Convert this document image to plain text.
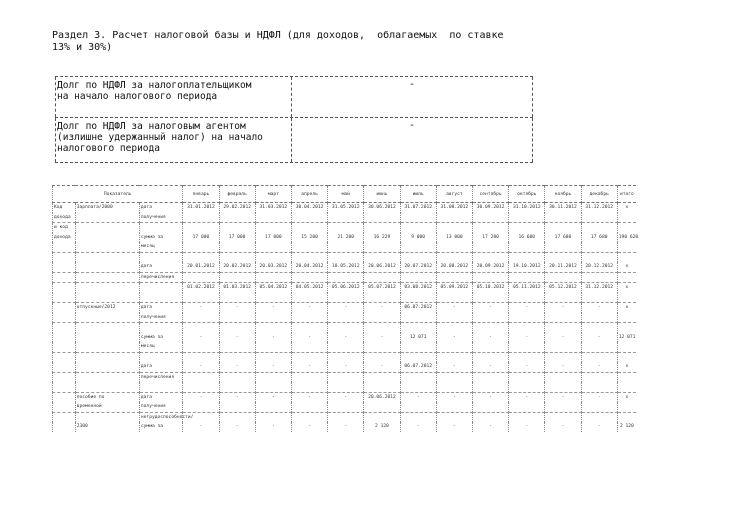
Раздел 3. Расчет налоговой базы и НДФЛ (для доходов,  облагаемых  по ставке
13% и 30%)
Долг по НДФЛ за налогоплательщиком
на начало налогового периода
-
Долг по НДФЛ за налоговым агентом
(излишне удержанный налог) на начало
налогового периода
-
Показатель			январь	февраль	март	апрель	май	июнь	июль	август	сентябрь	октябрь	ноябрь	декабрь	итого
Код	Зарплата/2000	дата	31.01.2012	29.02.2012	31.03.2012	30.04.2012	31.05.2012	30.06.2012	31.07.2012	31.08.2012	30.09.2012	31.10.2012	30.11.2012	31.12.2012	x
дохода		получения													
и код															
дохода		сумма за	17 000	17 000	17 000	15 200	21 200	16 229	9 000	13 000	17 280	16 600	17 680	17 680	190 620
		месяц													

		дата	20.01.2012	20.02.2012	20.03.2012	20.04.2012	18.05.2012	20.06.2012	20.07.2012	20.08.2012	20.09.2012	19.10.2012	20.11.2012	20.12.2012	x
		перечисления													
			01.02.2012	01.03.2012	05.04.2012	04.05.2012	05.06.2012	05.07.2012	03.08.2012	05.09.2012	05.10.2012	05.11.2012	05.12.2012	31.12.2012	x

	отпускные/2012	дата	-	-	-	-	-	-	06.07.2012	-	-	-	-	-	x
		получения													

		сумма за	-	-	-	-	-	-	12 071	-	-	-	-	-	12 071
		месяц													

		дата	-	-	-	-	-	-	06.07.2012	-	-	-	-	-	x
		перечисления													

	пособие по	дата	-	-	-	-	-	20.06.2012	-	-	-	-	-	-	x
	временной	получения													
		нетрудоспособности/													
	2300	сумма за	-	-	-	-	-	2 120	-	-	-	-	-	-	2 120
